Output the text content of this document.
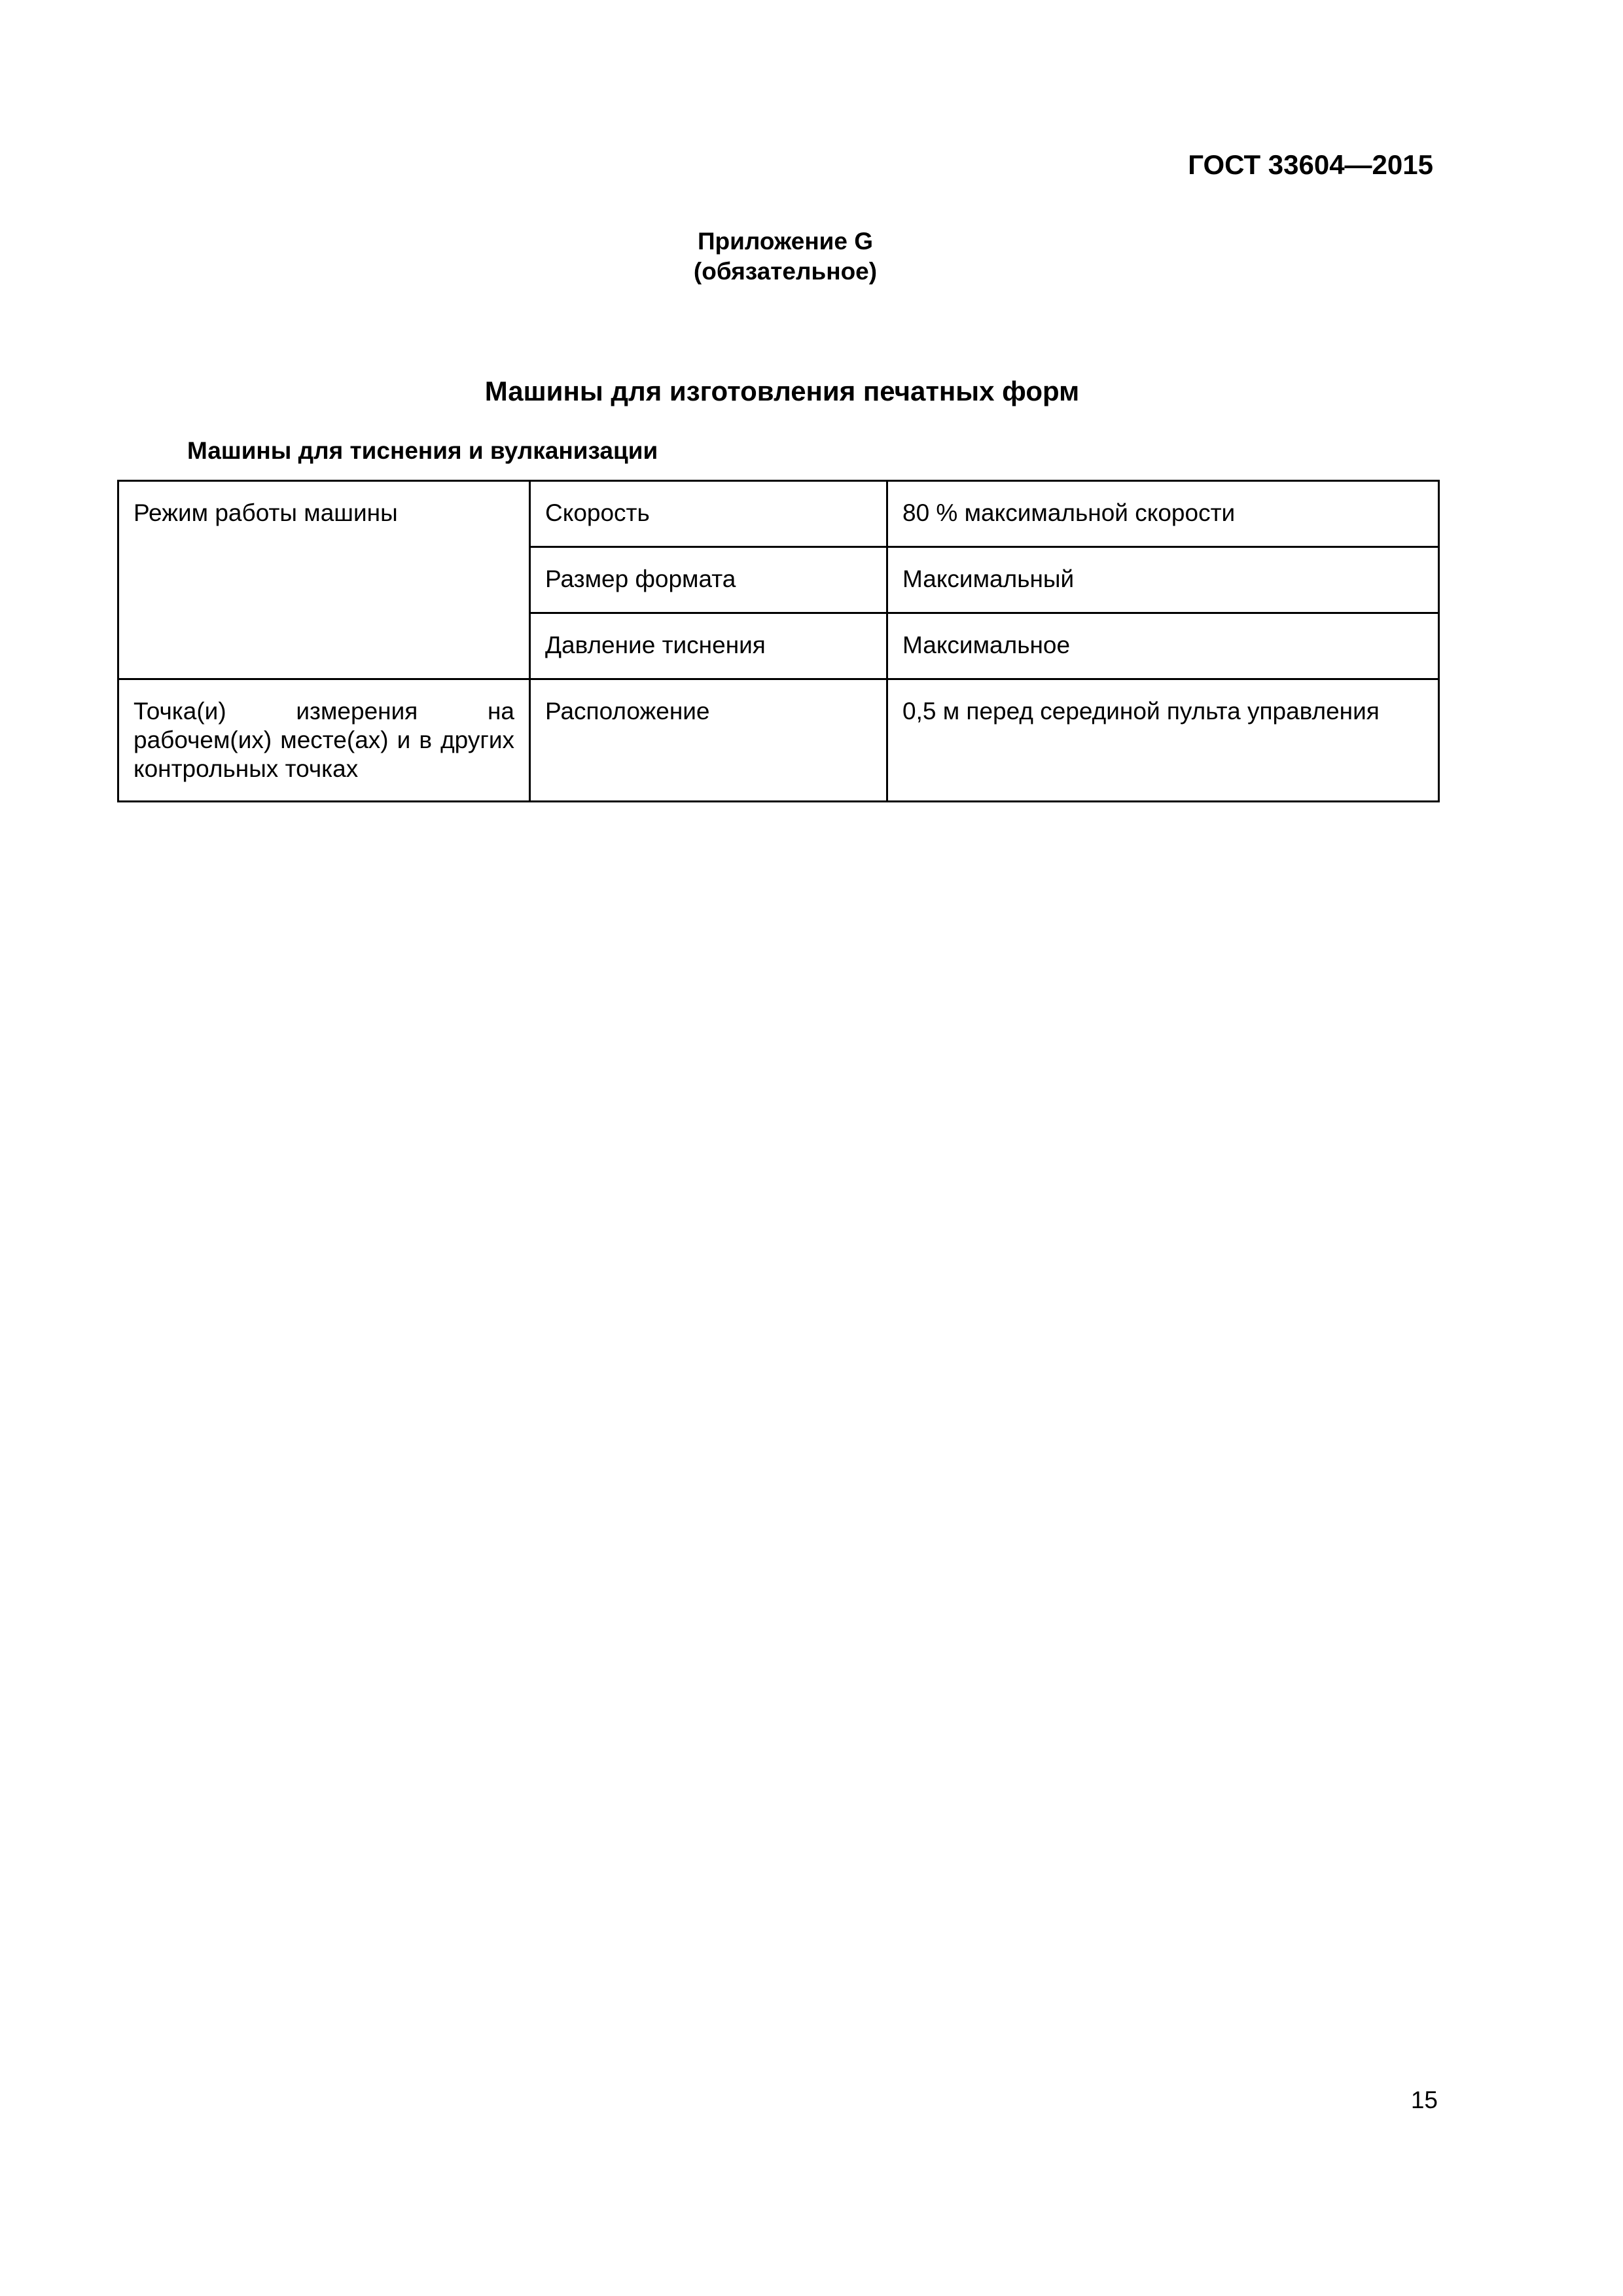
ГОСТ 33604—2015
Приложение G
(обязательное)
Машины для изготовления печатных форм
Машины для тиснения и вулканизации
Режим работы машины	Скорость	80 % максимальной скорости
	Размер формата	Максимальный
	Давление тиснения	Максимальное
Точка(и) измерения на рабочем(их) месте(ах) и в других контрольных точках	Расположение	0,5 м перед серединой пульта управления
15
